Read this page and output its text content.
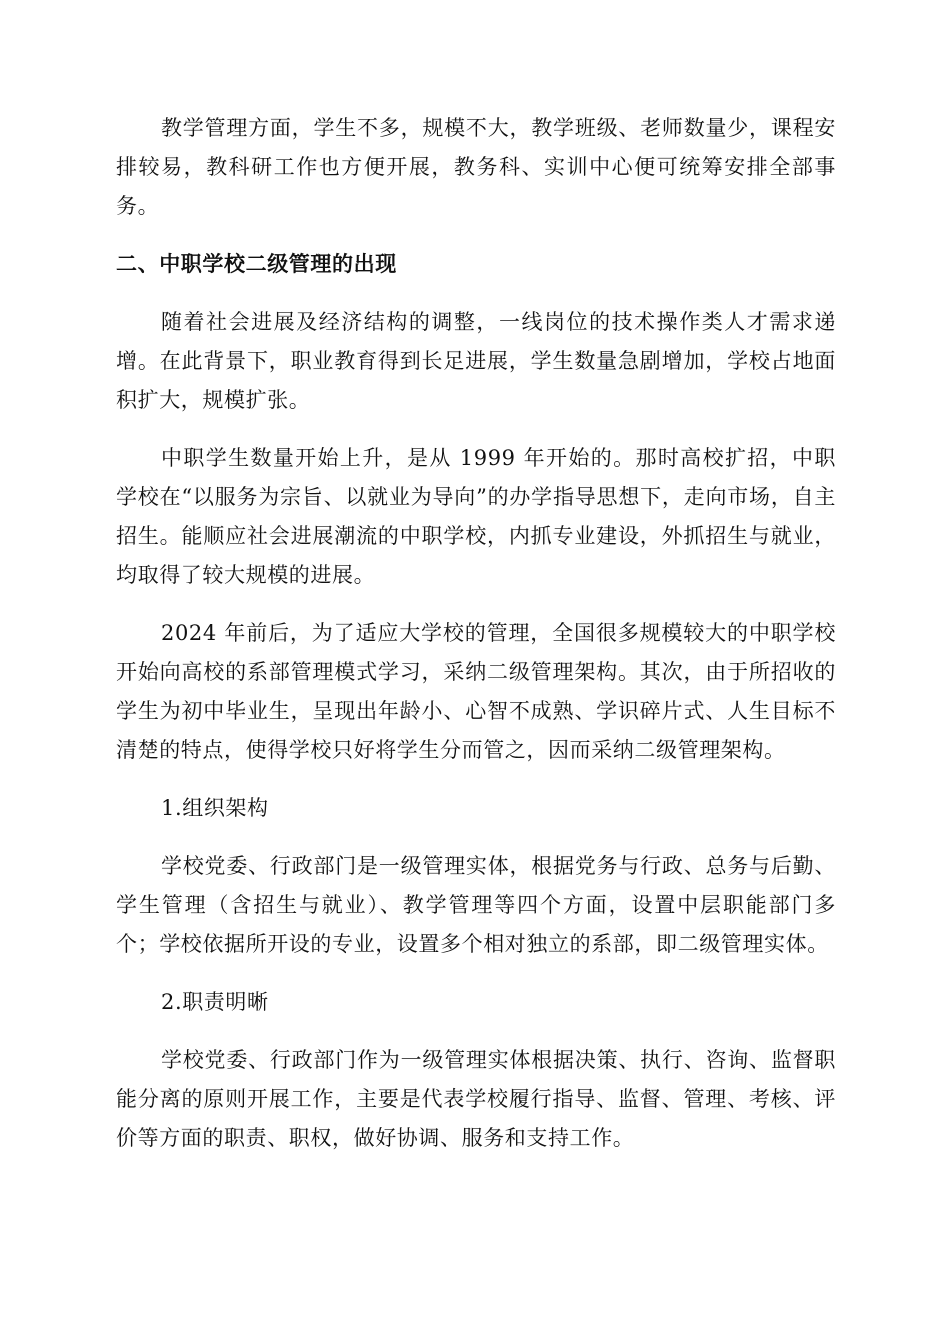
教学管理方面，学生不多，规模不大，教学班级、老师数量少，课程安排较易，教科研工作也方便开展，教务科、实训中心便可统筹安排全部事务。

二、中职学校二级管理的出现

随着社会进展及经济结构的调整，一线岗位的技术操作类人才需求递增。在此背景下，职业教育得到长足进展，学生数量急剧增加，学校占地面积扩大，规模扩张。

中职学生数量开始上升，是从 1999 年开始的。那时高校扩招，中职学校在“以服务为宗旨、以就业为导向”的办学指导思想下，走向市场，自主招生。能顺应社会进展潮流的中职学校，内抓专业建设，外抓招生与就业，均取得了较大规模的进展。

2024 年前后，为了适应大学校的管理，全国很多规模较大的中职学校开始向高校的系部管理模式学习，采纳二级管理架构。其次，由于所招收的学生为初中毕业生，呈现出年龄小、心智不成熟、学识碎片式、人生目标不清楚的特点，使得学校只好将学生分而管之，因而采纳二级管理架构。

1.组织架构

学校党委、行政部门是一级管理实体，根据党务与行政、总务与后勤、学生管理（含招生与就业）、教学管理等四个方面，设置中层职能部门多个；学校依据所开设的专业，设置多个相对独立的系部，即二级管理实体。

2.职责明晰

学校党委、行政部门作为一级管理实体根据决策、执行、咨询、监督职能分离的原则开展工作，主要是代表学校履行指导、监督、管理、考核、评价等方面的职责、职权，做好协调、服务和支持工作。
